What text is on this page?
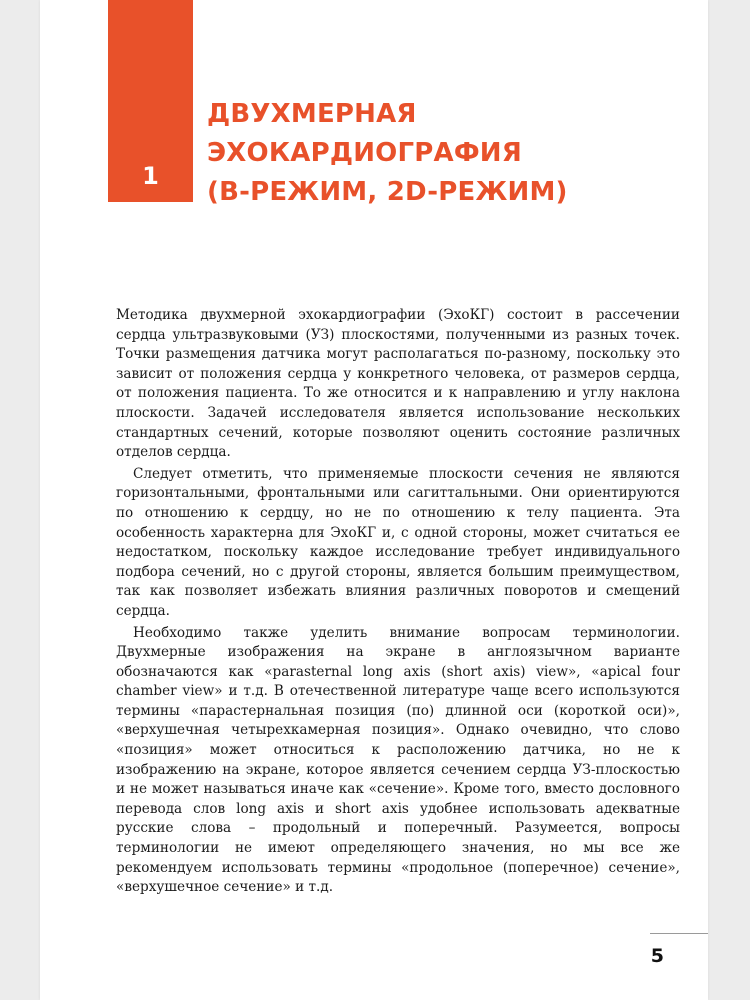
1
ДВУХМЕРНАЯ
ЭХОКАРДИОГРАФИЯ
(B-РЕЖИМ, 2D-РЕЖИМ)

Методика двухмерной эхокардиографии (ЭхоКГ) состоит в рассечении сердца ультразвуковыми (УЗ) плоскостями, полученными из разных точек. Точки размещения датчика могут располагаться по-разному, поскольку это зависит от положения сердца у конкретного человека, от размеров сердца, от положения пациента. То же относится и к направлению и углу наклона плоскости. Задачей исследователя является использование нескольких стандартных сечений, которые позволяют оценить состояние различных отделов сердца.

Следует отметить, что применяемые плоскости сечения не являются горизонтальными, фронтальными или сагиттальными. Они ориентируются по отношению к сердцу, но не по отношению к телу пациента. Эта особенность характерна для ЭхоКГ и, с одной стороны, может считаться ее недостатком, поскольку каждое исследование требует индивидуального подбора сечений, но с другой стороны, является большим преимуществом, так как позволяет избежать влияния различных поворотов и смещений сердца.

Необходимо также уделить внимание вопросам терминологии. Двухмерные изображения на экране в англоязычном варианте обозначаются как «parasternal long axis (short axis) view», «apical four chamber view» и т.д. В отечественной литературе чаще всего используются термины «парастернальная позиция (по) длинной оси (короткой оси)», «верхушечная четырехкамерная позиция». Однако очевидно, что слово «позиция» может относиться к расположению датчика, но не к изображению на экране, которое является сечением сердца УЗ-плоскостью и не может называться иначе как «сечение». Кроме того, вместо дословного перевода слов long axis и short axis удобнее использовать адекватные русские слова – продольный и поперечный. Разумеется, вопросы терминологии не имеют определяющего значения, но мы все же рекомендуем использовать термины «продольное (поперечное) сечение», «верхушечное сечение» и т.д.

5
